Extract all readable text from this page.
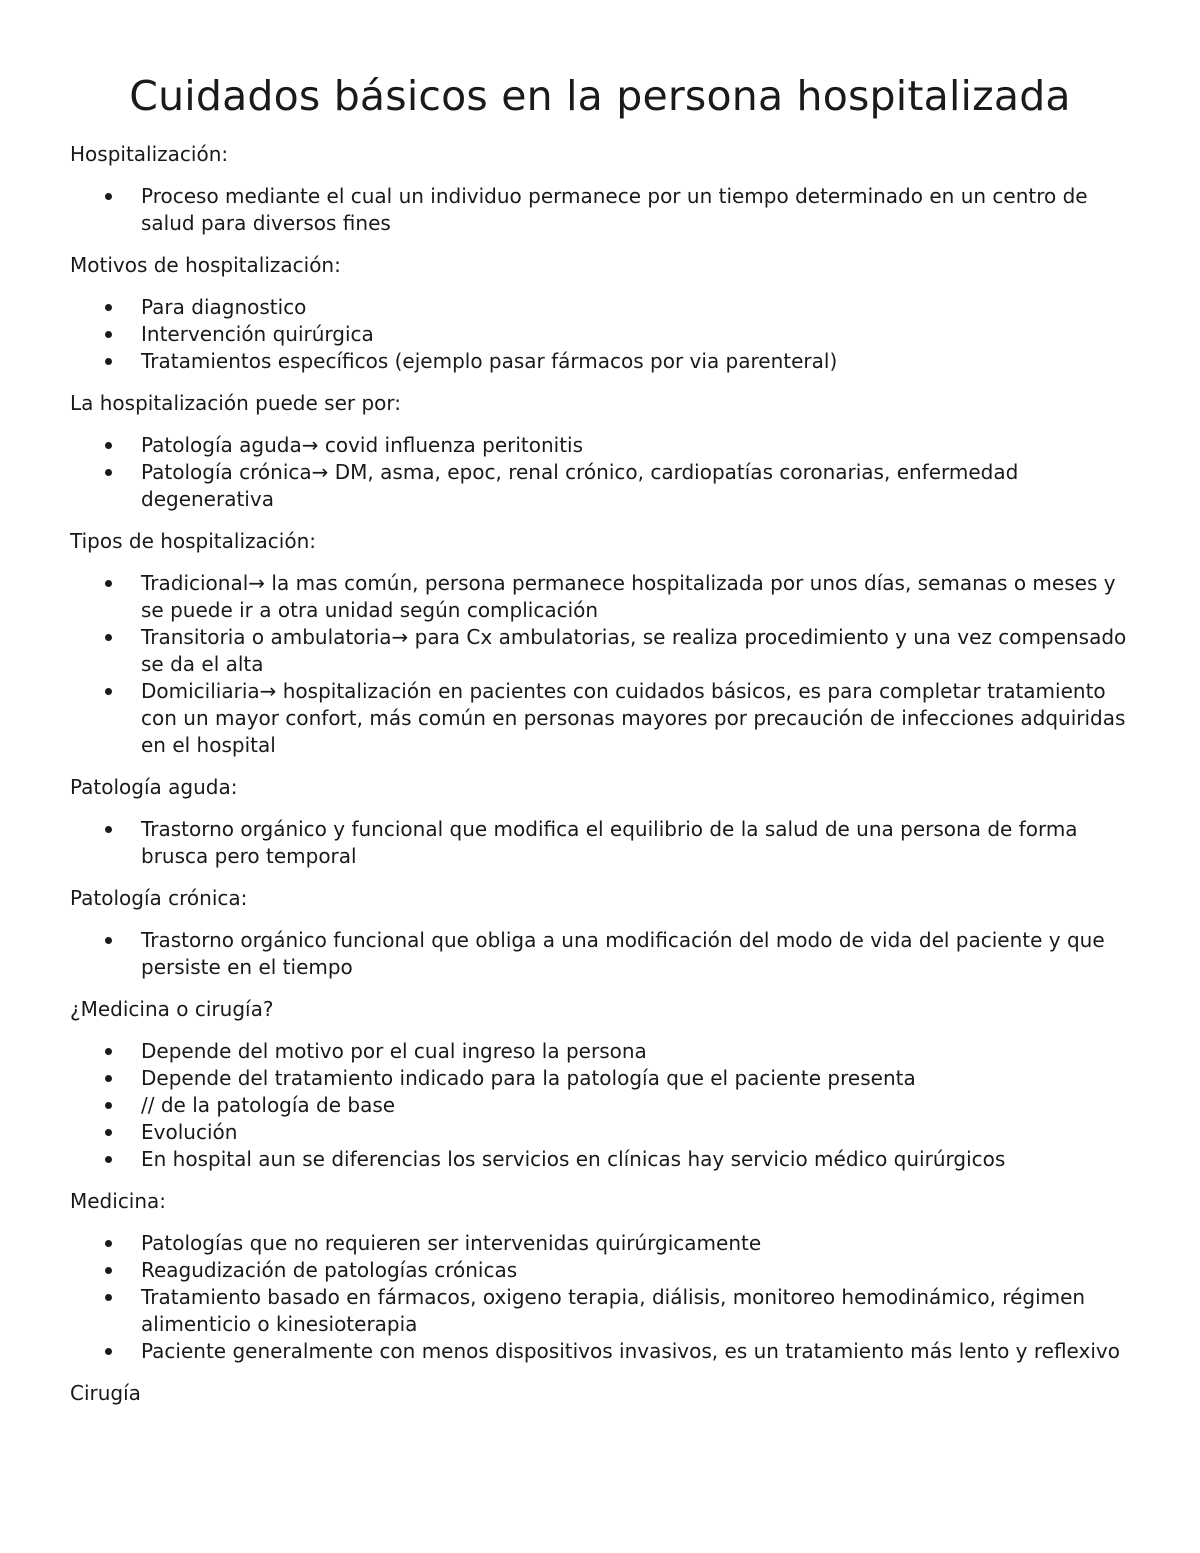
Cuidados básicos en la persona hospitalizada

Hospitalización:

Proceso mediante el cual un individuo permanece por un tiempo determinado en un centro de salud para diversos fines

Motivos de hospitalización:

Para diagnostico
Intervención quirúrgica
Tratamientos específicos (ejemplo pasar fármacos por via parenteral)

La hospitalización puede ser por:

Patología aguda→ covid influenza peritonitis
Patología crónica→ DM, asma, epoc, renal crónico, cardiopatías coronarias, enfermedad degenerativa

Tipos de hospitalización:

Tradicional→ la mas común, persona permanece hospitalizada por unos días, semanas o meses y se puede ir a otra unidad según complicación
Transitoria o ambulatoria→ para Cx ambulatorias, se realiza procedimiento y una vez compensado se da el alta
Domiciliaria→ hospitalización en pacientes con cuidados básicos, es para completar tratamiento con un mayor confort, más común en personas mayores por precaución de infecciones adquiridas en el hospital

Patología aguda:

Trastorno orgánico y funcional que modifica el equilibrio de la salud de una persona de forma brusca pero temporal

Patología crónica:

Trastorno orgánico funcional que obliga a una modificación del modo de vida del paciente y que persiste en el tiempo

¿Medicina o cirugía?

Depende del motivo por el cual ingreso la persona
Depende del tratamiento indicado para la patología que el paciente presenta
// de la patología de base
Evolución
En hospital aun se diferencias los servicios en clínicas hay servicio médico quirúrgicos

Medicina:

Patologías que no requieren ser intervenidas quirúrgicamente
Reagudización de patologías crónicas
Tratamiento basado en fármacos, oxigeno terapia, diálisis, monitoreo hemodinámico, régimen alimenticio o kinesioterapia
Paciente generalmente con menos dispositivos invasivos, es un tratamiento más lento y reflexivo

Cirugía
